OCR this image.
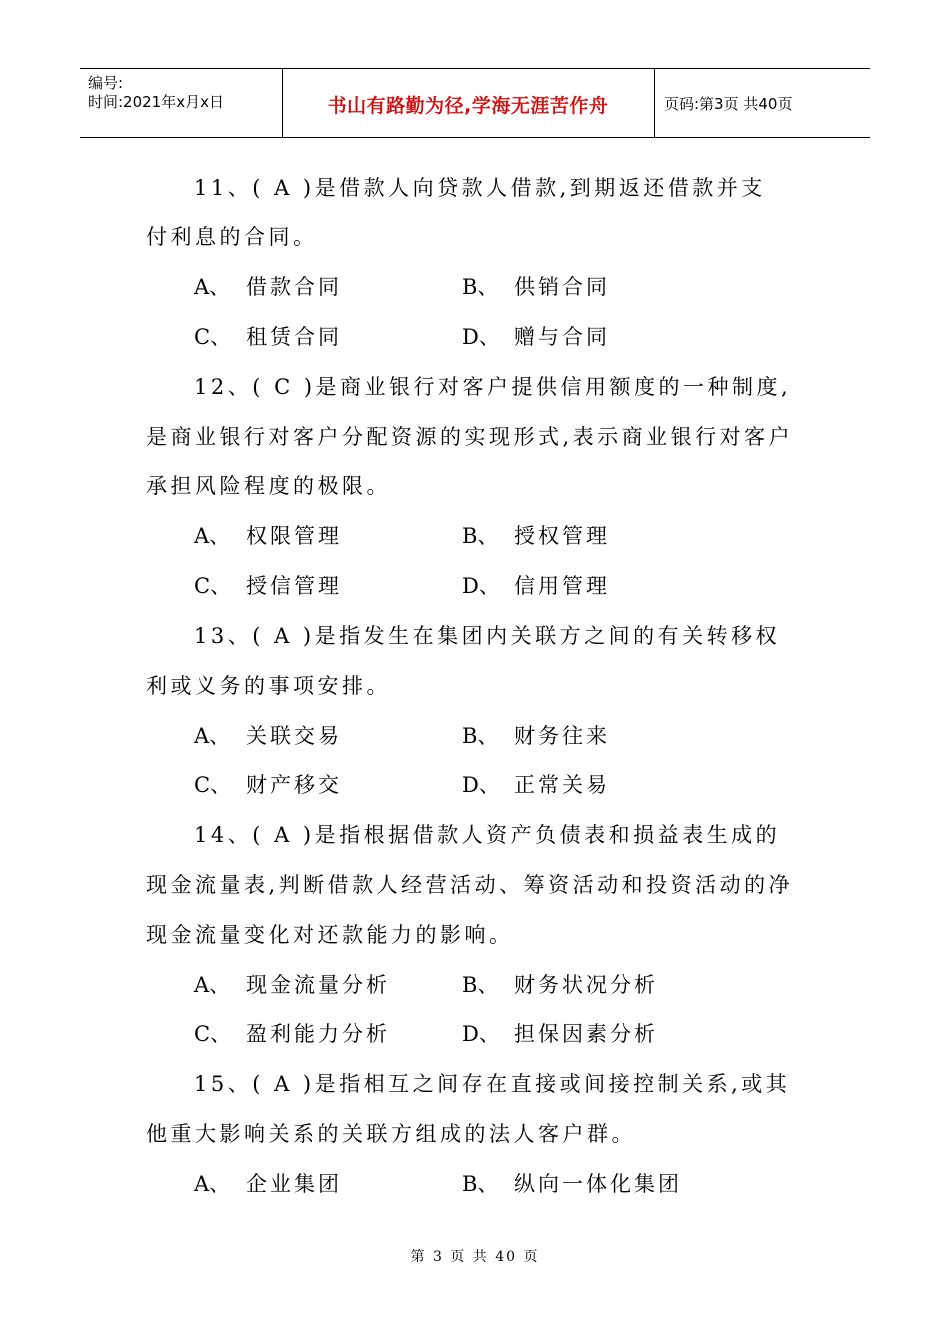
编号:
时间:2021年x月x日	书山有路勤为径,学海无涯苦作舟	页码:第3页 共40页
11、( A )是借款人向贷款人借款,到期返还借款并支
付利息的合同。
A、 借款合同	B、 供销合同
C、 租赁合同	D、 赠与合同
12、( C )是商业银行对客户提供信用额度的一种制度,
是商业银行对客户分配资源的实现形式,表示商业银行对客户
承担风险程度的极限。
A、 权限管理	B、 授权管理
C、 授信管理	D、 信用管理
13、( A )是指发生在集团内关联方之间的有关转移权
利或义务的事项安排。
A、 关联交易	B、 财务往来
C、 财产移交	D、 正常关易
14、( A )是指根据借款人资产负债表和损益表生成的
现金流量表,判断借款人经营活动、筹资活动和投资活动的净
现金流量变化对还款能力的影响。
A、 现金流量分析	B、 财务状况分析
C、 盈利能力分析	D、 担保因素分析
15、( A )是指相互之间存在直接或间接控制关系,或其
他重大影响关系的关联方组成的法人客户群。
A、 企业集团	B、 纵向一体化集团
第 3 页 共 40 页
